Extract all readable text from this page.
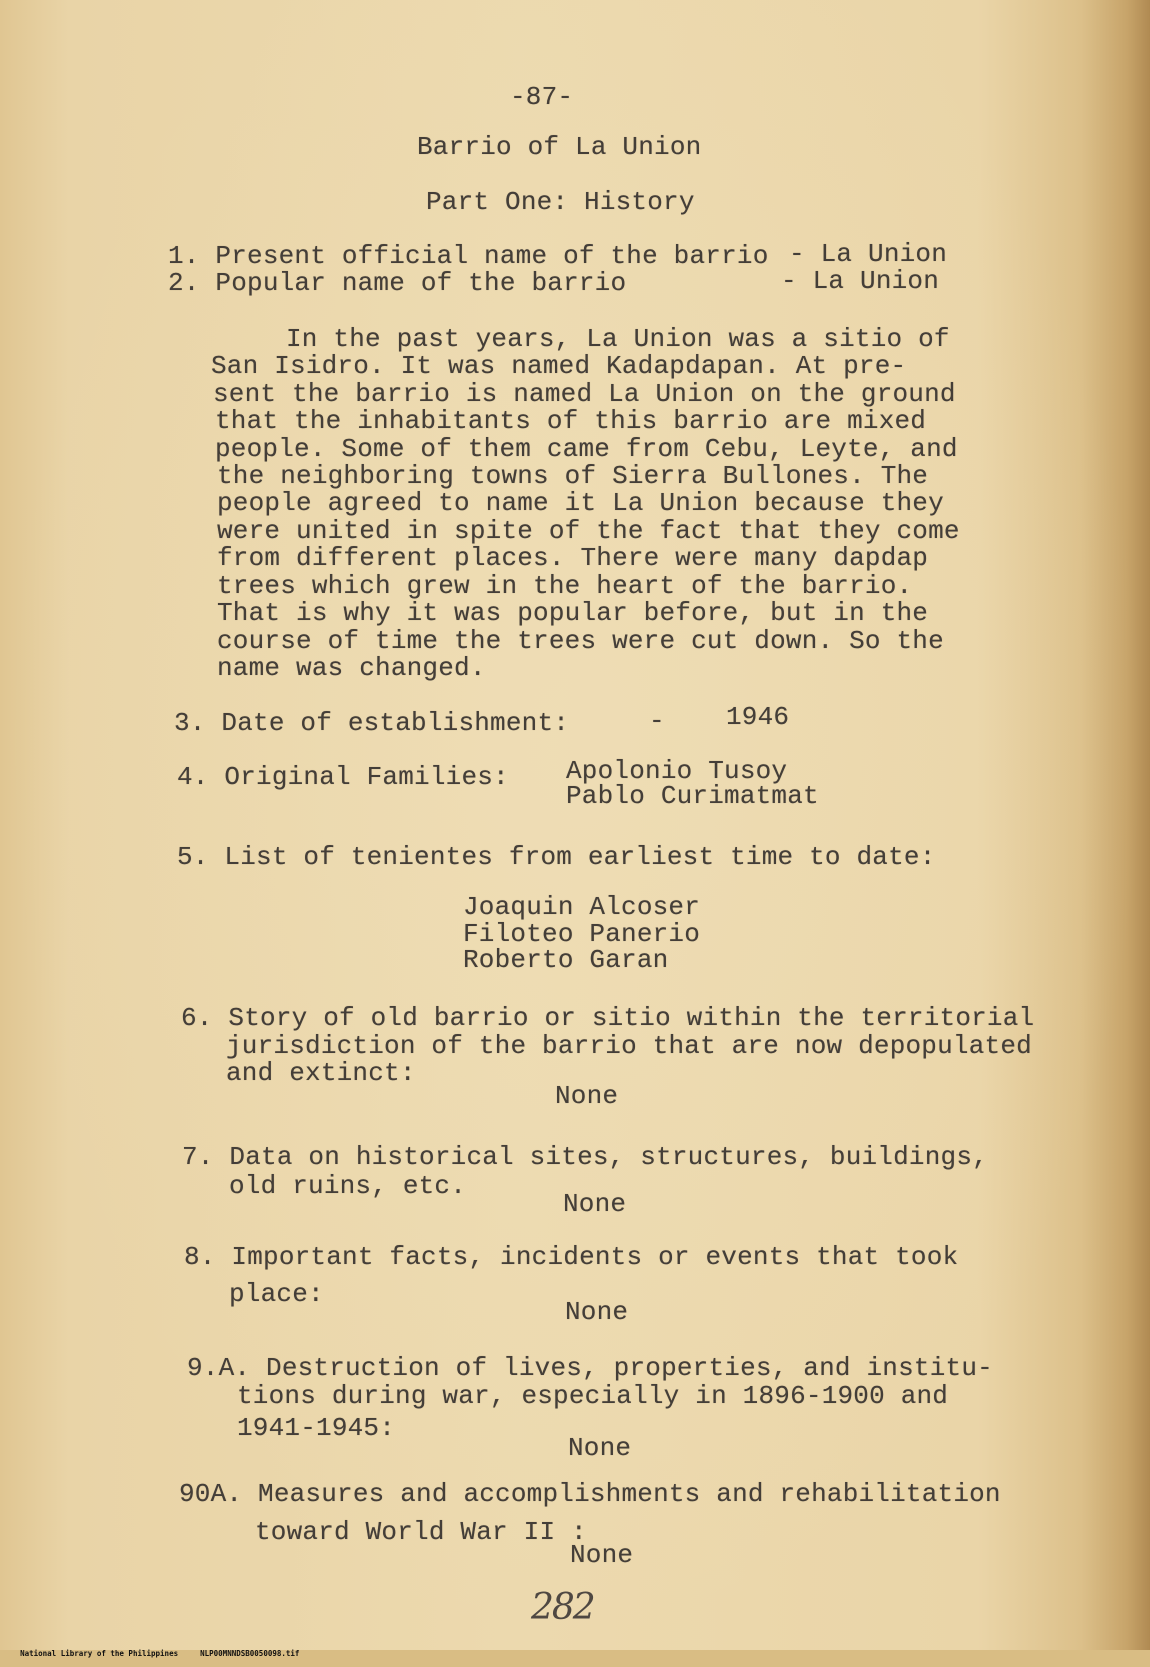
-87-
Barrio of La Union
Part One: History
1. Present official name of the barrio - La Union
2. Popular name of the barrio	- La Union
In the past years, La Union was a sitio of
San Isidro. It was named Kadapdapan. At pre-
sent the barrio is named La Union on the ground
that the inhabitants of this barrio are mixed
people. Some of them came from Cebu, Leyte, and
the neighboring towns of Sierra Bullones. The
people agreed to name it La Union because they
were united in spite of the fact that they come
from different places. There were many dapdap
trees which grew in the heart of the barrio.
That is why it was popular before, but in the
course of time the trees were cut down. So the
name was changed.
3. Date of establishment:	- 1946
4. Original Families: Apolonio Tusoy
Pablo Curimatmat
5. List of tenientes from earliest time to date:
Joaquin Alcoser
Filoteo Panerio
Roberto Garan
6. Story of old barrio or sitio within the territorial
jurisdiction of the barrio that are now depopulated
and extinct:
None
7. Data on historical sites, structures, buildings,
old ruins, etc.
None
8. Important facts, incidents or events that took
place:
None
9.A. Destruction of lives, properties, and institu-
tions during war, especially in 1896-1900 and
1941-1945:
None
90A. Measures and accomplishments and rehabilitation
toward World War II :
None
282

National Library of the Philippines	NLP00MNNDSB0050098.tif
